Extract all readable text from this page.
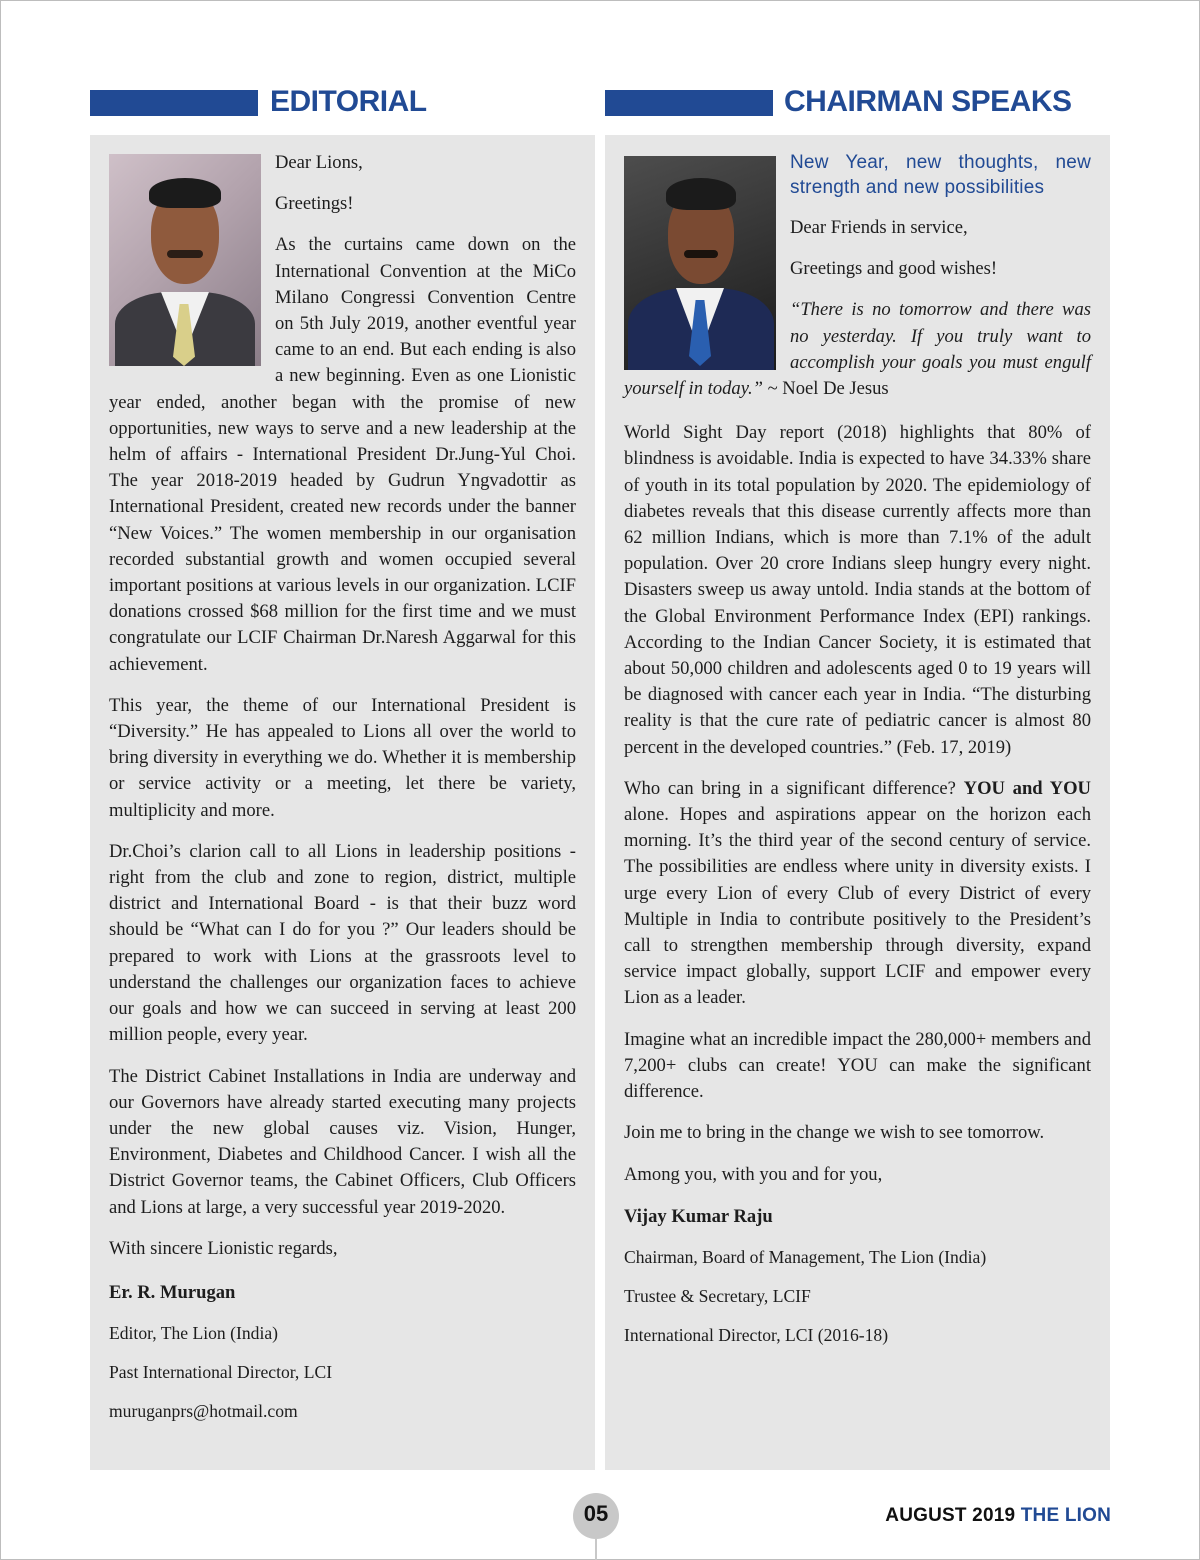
EDITORIAL	CHAIRMAN SPEAKS

Dear Lions,

Greetings!

As the curtains came down on the International Convention at the MiCo Milano Congressi Convention Centre on 5th July 2019, another eventful year came to an end. But each ending is also a new beginning. Even as one Lionistic year ended, another began with the promise of new opportunities, new ways to serve and a new leadership at the helm of affairs - International President Dr.Jung-Yul Choi. The year 2018-2019 headed by Gudrun Yngvadottir as International President, created new records under the banner “New Voices.” The women membership in our organisation recorded substantial growth and women occupied several important positions at various levels in our organization. LCIF donations crossed $68 million for the first time and we must congratulate our LCIF Chairman Dr.Naresh Aggarwal for this achievement.

This year, the theme of our International President is “Diversity.” He has appealed to Lions all over the world to bring diversity in everything we do. Whether it is membership or service activity or a meeting, let there be variety, multiplicity and more.

Dr.Choi’s clarion call to all Lions in leadership positions - right from the club and zone to region, district, multiple district and International Board - is that their buzz word should be “What can I do for you ?” Our leaders should be prepared to work with Lions at the grassroots level to understand the challenges our organization faces to achieve our goals and how we can succeed in serving at least 200 million people, every year.

The District Cabinet Installations in India are underway and our Governors have already started executing many projects under the new global causes viz. Vision, Hunger, Environment, Diabetes and Childhood Cancer. I wish all the District Governor teams, the Cabinet Officers, Club Officers and Lions at large, a very successful year 2019-2020.

With sincere Lionistic regards,

Er. R. Murugan

Editor, The Lion (India)

Past International Director, LCI

muruganprs@hotmail.com

New Year, new thoughts, new strength and new possibilities

Dear Friends in service,

Greetings and good wishes!

“There is no tomorrow and there was no yesterday. If you truly want to accomplish your goals you must engulf yourself in today.” ~ Noel De Jesus

World Sight Day report (2018) highlights that 80% of blindness is avoidable. India is expected to have 34.33% share of youth in its total population by 2020. The epidemiology of diabetes reveals that this disease currently affects more than 62 million Indians, which is more than 7.1% of the adult population. Over 20 crore Indians sleep hungry every night. Disasters sweep us away untold. India stands at the bottom of the Global Environment Performance Index (EPI) rankings. According to the Indian Cancer Society, it is estimated that about 50,000 children and adolescents aged 0 to 19 years will be diagnosed with cancer each year in India. “The disturbing reality is that the cure rate of pediatric cancer is almost 80 percent in the developed countries.” (Feb. 17, 2019)

Who can bring in a significant difference? YOU and YOU alone. Hopes and aspirations appear on the horizon each morning. It’s the third year of the second century of service. The possibilities are endless where unity in diversity exists. I urge every Lion of every Club of every District of every Multiple in India to contribute positively to the President’s call to strengthen membership through diversity, expand service impact globally, support LCIF and empower every Lion as a leader.

Imagine what an incredible impact the 280,000+ members and 7,200+ clubs can create! YOU can make the significant difference.

Join me to bring in the change we wish to see tomorrow.

Among you, with you and for you,

Vijay Kumar Raju

Chairman, Board of Management, The Lion (India)

Trustee & Secretary, LCIF

International Director, LCI (2016-18)

05	AUGUST 2019 THE LION
